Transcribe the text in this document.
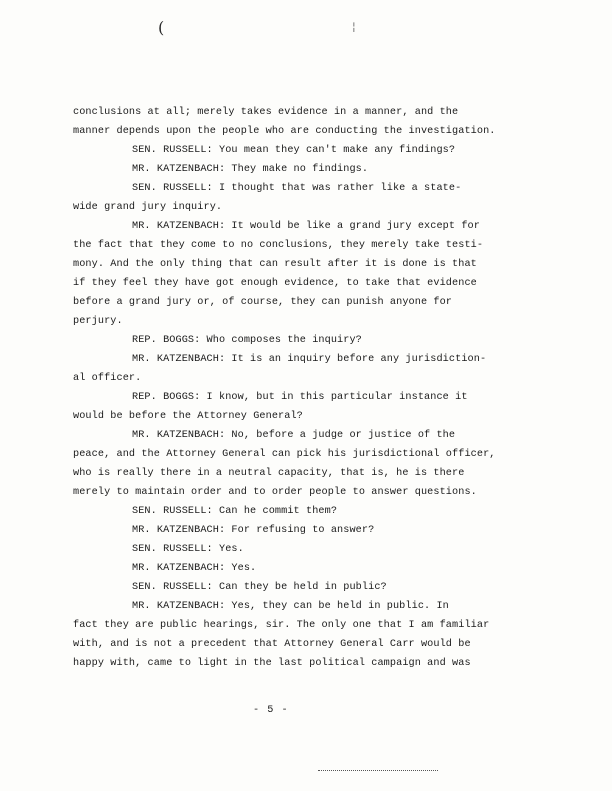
(	¦

conclusions at all; merely takes evidence in a manner, and the

manner depends upon the people who are conducting the investigation.

SEN. RUSSELL: You mean they can't make any findings?

MR. KATZENBACH: They make no findings.

SEN. RUSSELL: I thought that was rather like a state-

wide grand jury inquiry.

MR. KATZENBACH: It would be like a grand jury except for

the fact that they come to no conclusions, they merely take testi-

mony. And the only thing that can result after it is done is that

if they feel they have got enough evidence, to take that evidence

before a grand jury or, of course, they can punish anyone for

perjury.

REP. BOGGS: Who composes the inquiry?

MR. KATZENBACH: It is an inquiry before any jurisdiction-

al officer.

REP. BOGGS: I know, but in this particular instance it

would be before the Attorney General?

MR. KATZENBACH: No, before a judge or justice of the

peace, and the Attorney General can pick his jurisdictional officer,

who is really there in a neutral capacity, that is, he is there

merely to maintain order and to order people to answer questions.

SEN. RUSSELL: Can he commit them?

MR. KATZENBACH: For refusing to answer?

SEN. RUSSELL: Yes.

MR. KATZENBACH: Yes.

SEN. RUSSELL: Can they be held in public?

MR. KATZENBACH: Yes, they can be held in public. In

fact they are public hearings, sir. The only one that I am familiar

with, and is not a precedent that Attorney General Carr would be

happy with, came to light in the last political campaign and was

- 5 -
